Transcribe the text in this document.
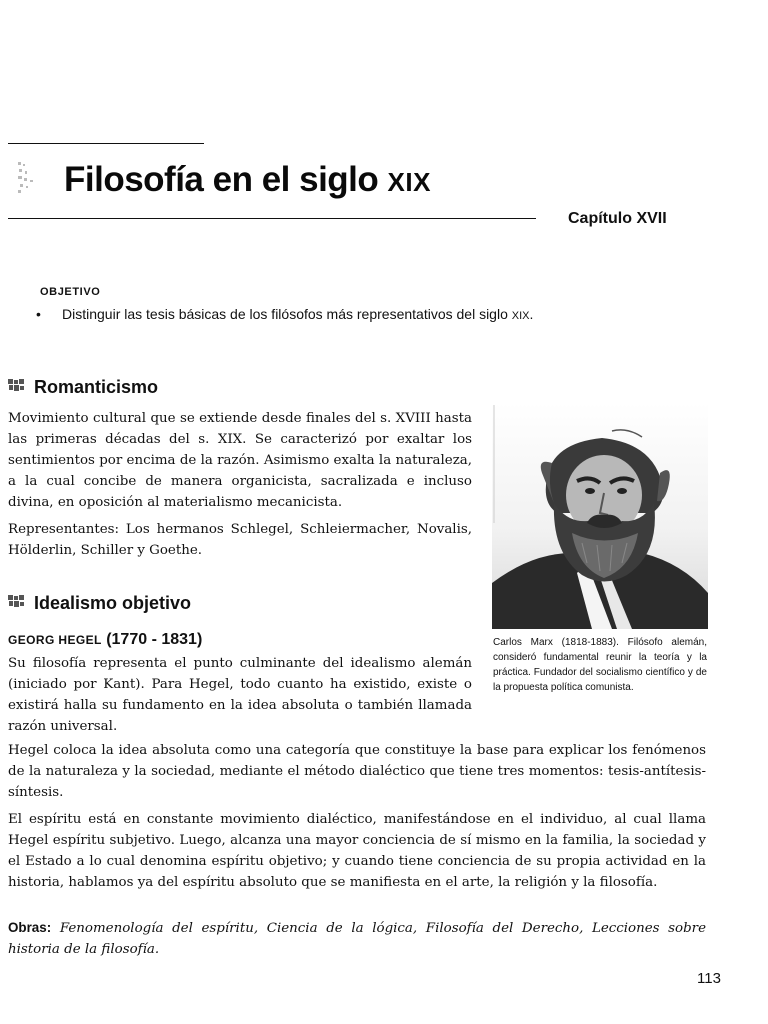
Filosofía en el siglo XIX
Capítulo XVII
OBJETIVO
• Distinguir las tesis básicas de los filósofos más representativos del siglo XIX.
Romanticismo

Movimiento cultural que se extiende desde finales del s. XVIII hasta las primeras décadas del s. XIX. Se caracterizó por exaltar los sentimientos por encima de la razón. Asimismo exalta la naturaleza, a la cual concibe de manera organicista, sacralizada e incluso divina, en oposición al materialismo mecanicista.

Representantes: Los hermanos Schlegel, Schleiermacher, Novalis, Hölderlin, Schiller y Goethe.

Carlos Marx (1818-1883). Filósofo alemán, consideró fundamental reunir la teoría y la práctica. Fundador del socialismo científico y de la propuesta política comunista.
Idealismo objetivo
GEORG HEGEL (1770 - 1831)

Su filosofía representa el punto culminante del idealismo alemán (iniciado por Kant). Para Hegel, todo cuanto ha existido, existe o existirá halla su fundamento en la idea absoluta o también llamada razón universal.

Hegel coloca la idea absoluta como una categoría que constituye la base para explicar los fenómenos de la naturaleza y la sociedad, mediante el método dialéctico que tiene tres momentos: tesis-antítesis-síntesis.

El espíritu está en constante movimiento dialéctico, manifestándose en el individuo, al cual llama Hegel espíritu subjetivo. Luego, alcanza una mayor conciencia de sí mismo en la familia, la sociedad y el Estado a lo cual denomina espíritu objetivo; y cuando tiene conciencia de su propia actividad en la historia, hablamos ya del espíritu absoluto que se manifiesta en el arte, la religión y la filosofía.

Obras: Fenomenología del espíritu, Ciencia de la lógica, Filosofía del Derecho, Lecciones sobre historia de la filosofía.
113
